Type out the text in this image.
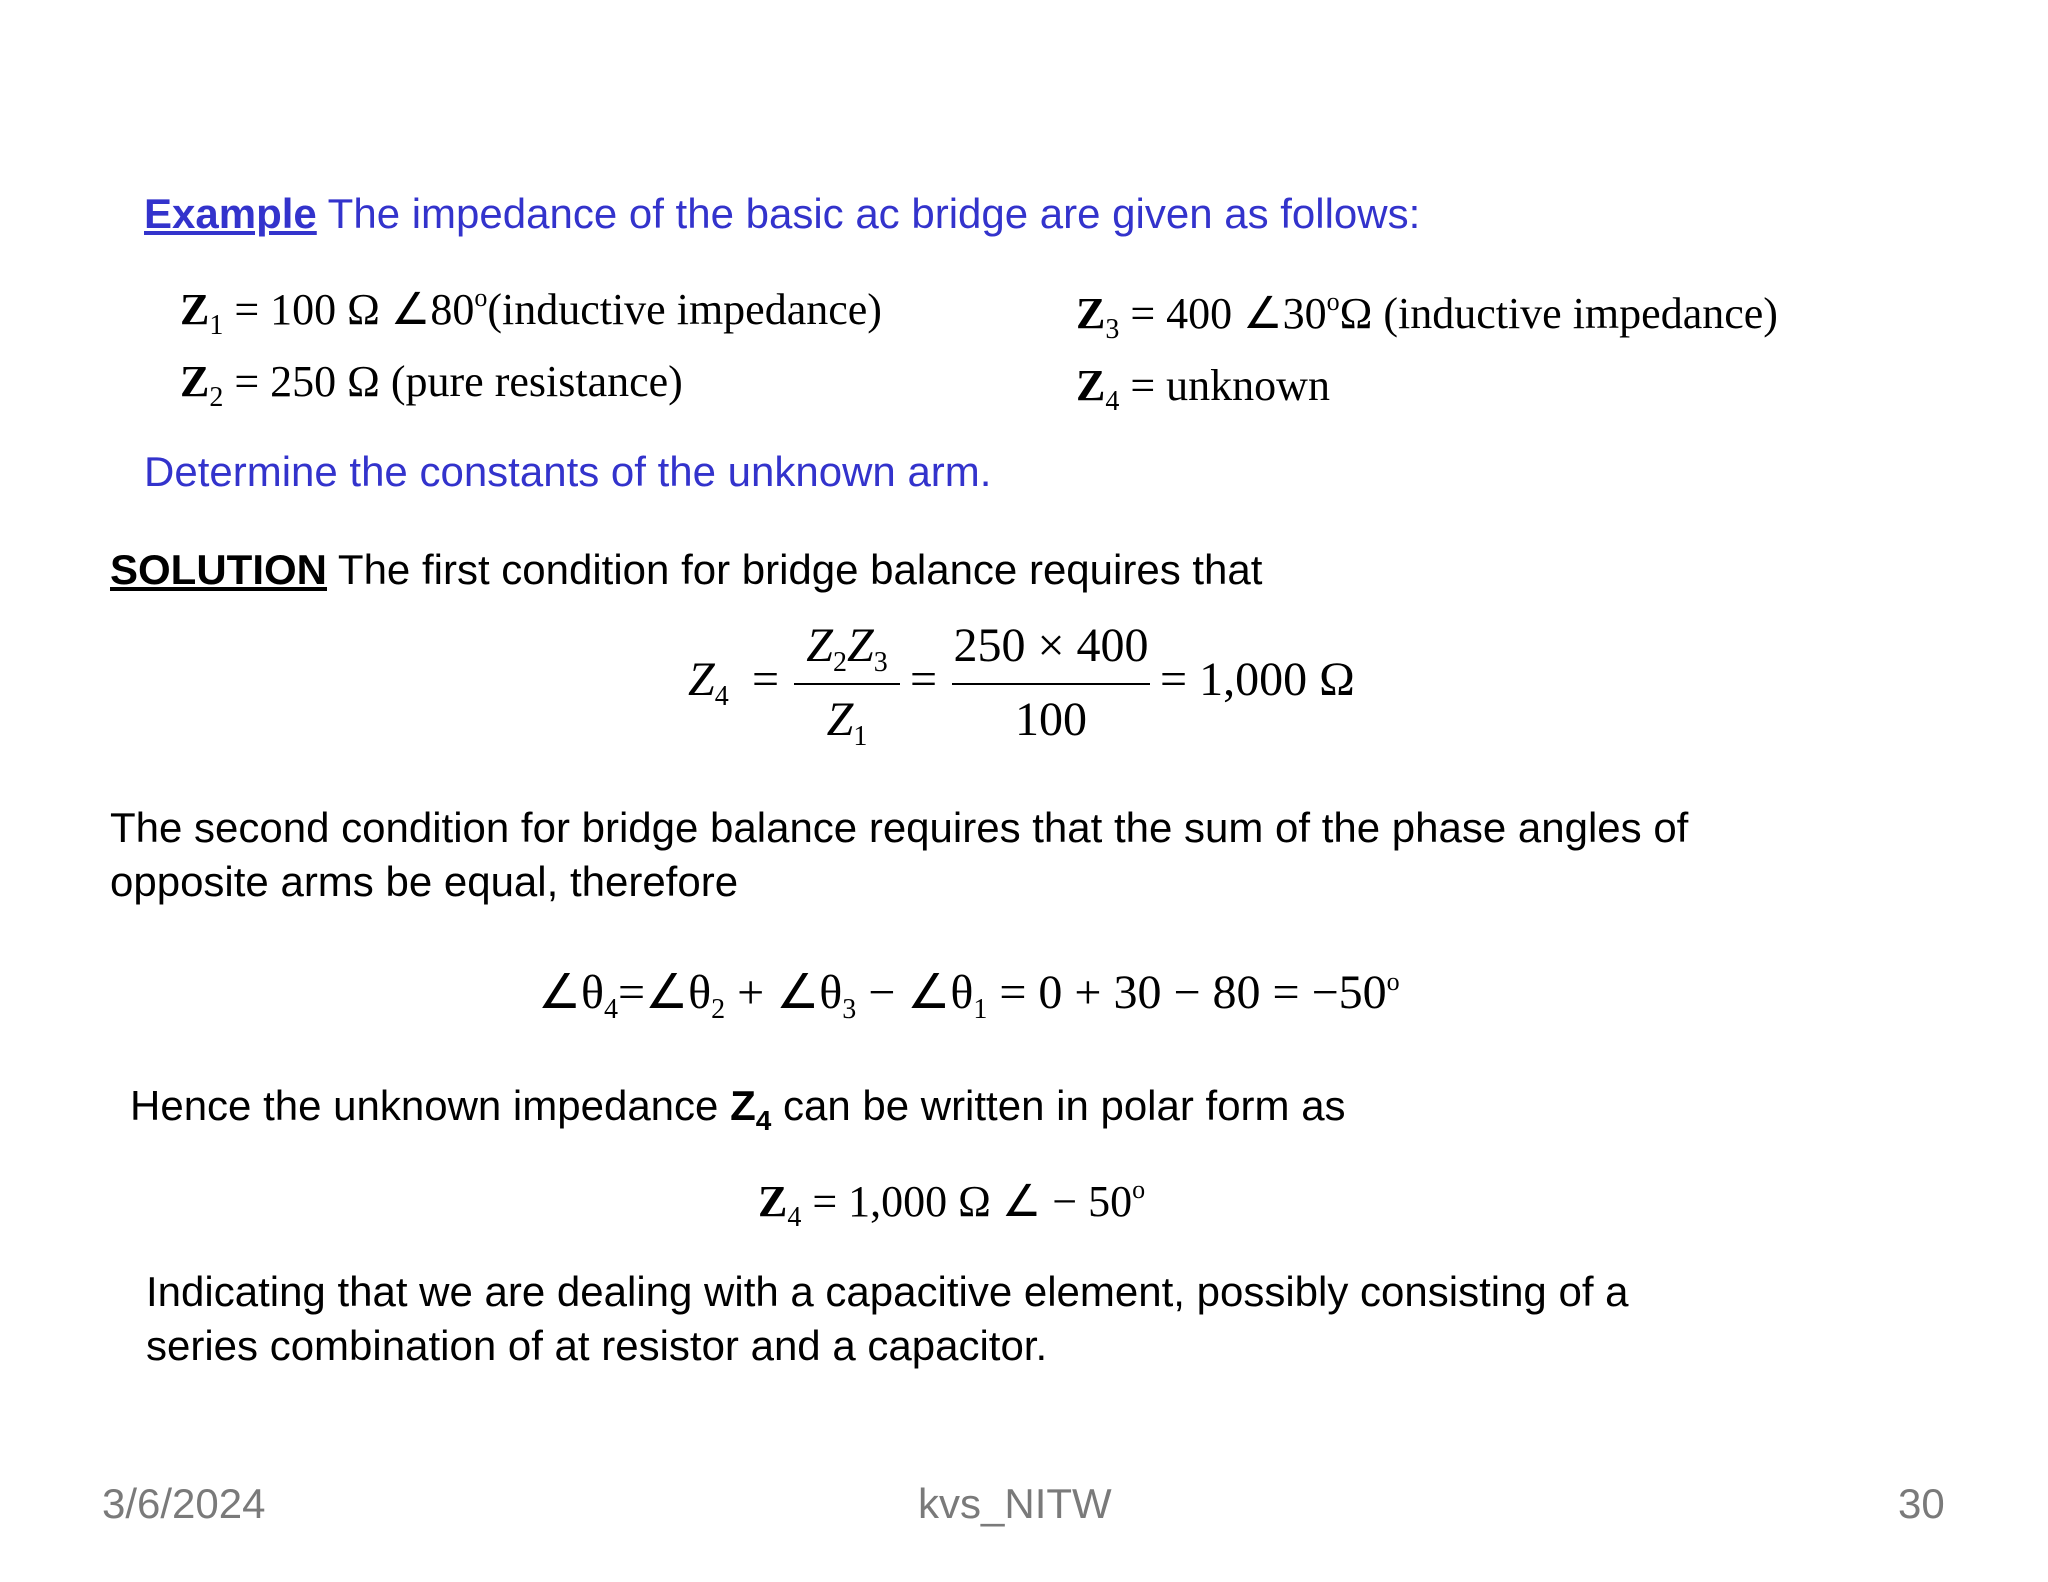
Example The impedance of the basic ac bridge are given as follows:
$Z_1 = 100$ Ω ∠80$^o$(inductive impedance)
$Z_2 = 250$ Ω (pure resistance)
$Z_3 = 400$ ∠30$^o$Ω (inductive impedance)
$Z_4$ = unknown
Determine the constants of the unknown arm.
SOLUTION The first condition for bridge balance requires that
$Z_4$ =
$Z_2Z_3$
$Z_1$
=
250 × 400
100
= 1,000 Ω
The second condition for bridge balance requires that the sum of the phase angles of
opposite arms be equal, therefore
$\angle\theta_4=\angle\theta_2$ + $\angle\theta_3$ − $\angle\theta_1 = 0 + 30 - 80 = -50^o$
Hence the unknown impedance $Z_4$ can be written in polar form as
$Z_4 = 1,000$ Ω ∠ − $50^o$
Indicating that we are dealing with a capacitive element, possibly consisting of a
series combination of at resistor and a capacitor.
3/6/2024	kvs_NITW	30
